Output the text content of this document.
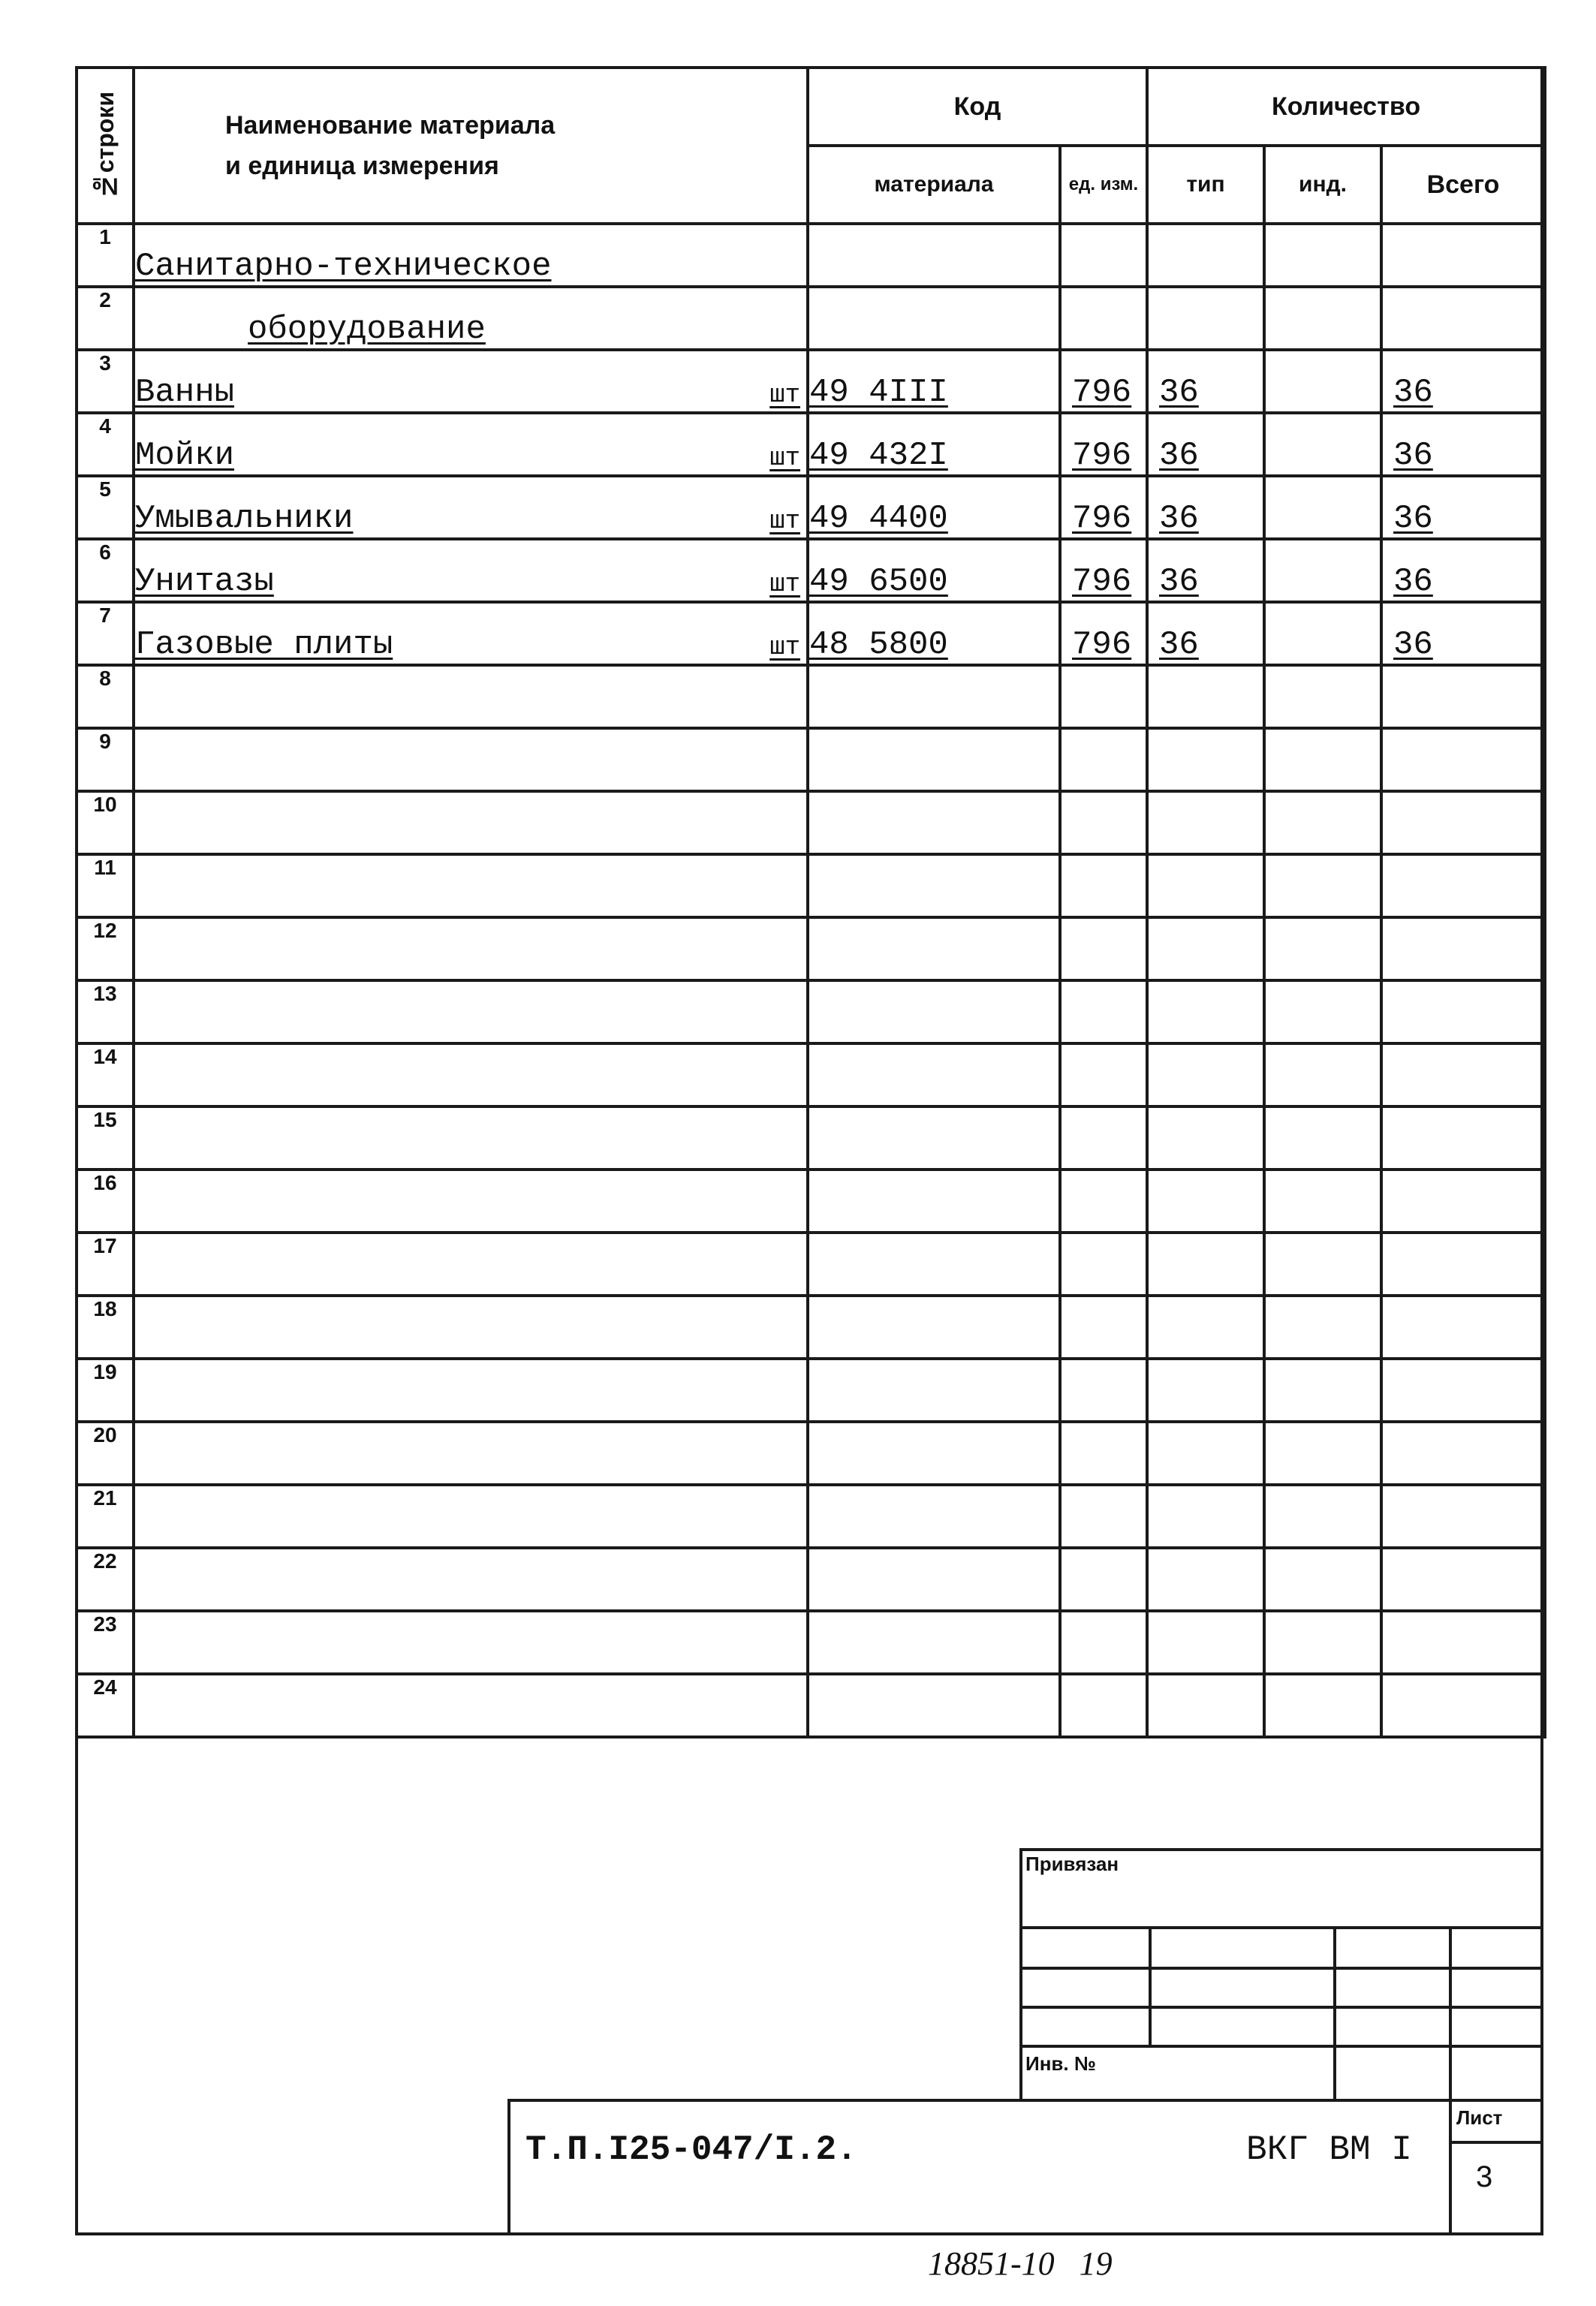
№строки	Наименование материала
и единица измерения	Код		Количество		
		материала	ед. изм.	тип	инд.	Всего
1	Санитарно-техническое

2	оборудование

3	Ванны шт	49 4III	796	36		36
4	Мойки шт	49 432I	796	36		36
5	Умывальники шт	49 4400	796	36		36
6	Унитазы шт	49 6500	796	36		36
7	Газовые плиты шт	48 5800	796	36		36
8	

9	

10	

11	

12	

13	

14	

15	

16	

17	

18	

19	

20	

21	

22	

23	

24	

Привязан
Инв. №
Лист
3
Т.П.I25-047/I.2.	ВКГ ВМ I
18851-10   19
